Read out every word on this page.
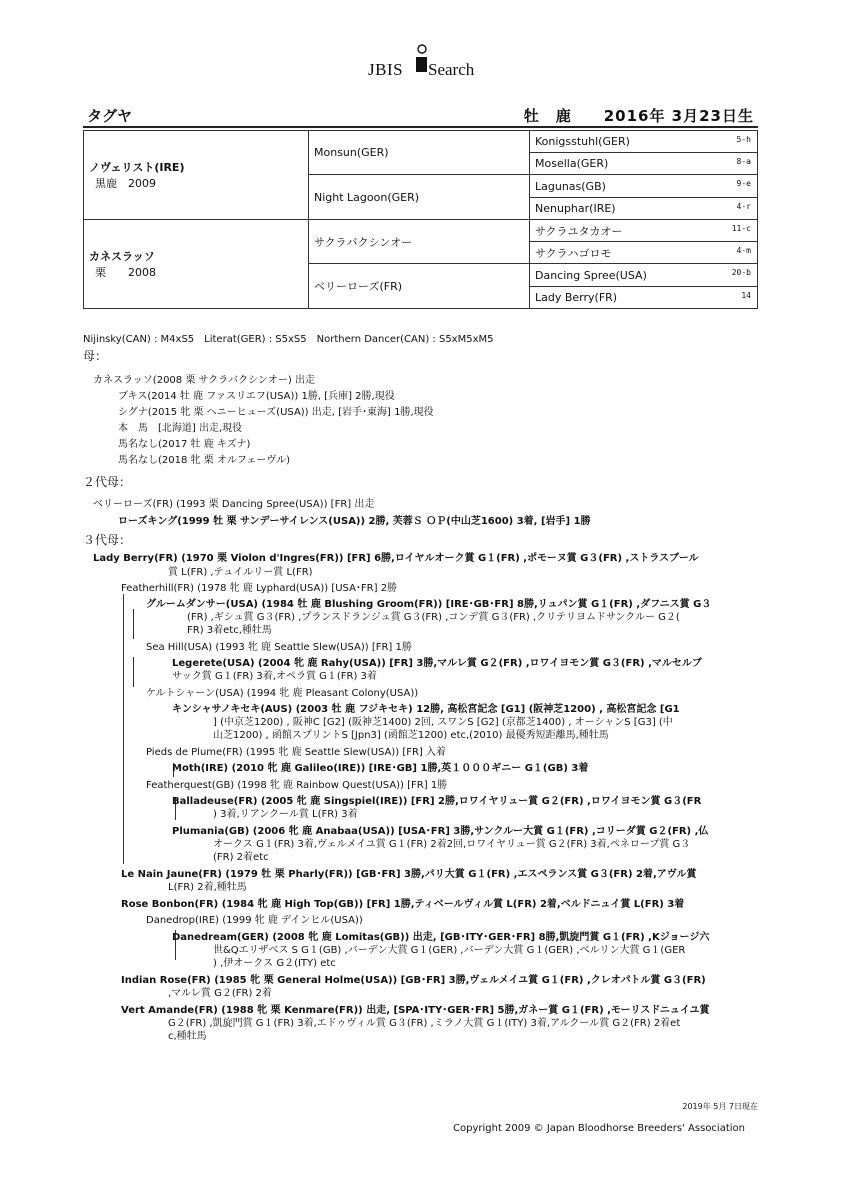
JBIS Search
タグヤ	牡　鹿　　2016年 3月23日生
ノヴェリスト(IRE)
黒鹿　2009	Monsun(GER)	Konigsstuhl(GER) 5-h

		Mosella(GER) 8-a

	Night Lagoon(GER)	Lagunas(GB) 9-e

		Nenuphar(IRE) 4-r

カネスラッソ
栗　　2008	サクラバクシンオー	サクラユタカオー 11-c

		サクラハゴロモ 4-m

	ベリーローズ(FR)	Dancing Spree(USA) 20-b

		Lady Berry(FR) 14
Nijinsky(CAN) : M4xS5　Literat(GER) : S5xS5　Northern Dancer(CAN) : S5xM5xM5
母：
カネスラッソ(2008 栗 サクラバクシンオー) 出走
ブキス(2014 牡 鹿 ファスリエフ(USA)) 1勝, [兵庫] 2勝,現役
シグナ(2015 牝 栗 ヘニーヒューズ(USA)) 出走, [岩手･東海] 1勝,現役
本　馬　[北海道] 出走,現役
馬名なし(2017 牡 鹿 キズナ)
馬名なし(2018 牝 栗 オルフェーヴル)
２代母：
ベリーローズ(FR) (1993 栗 Dancing Spree(USA)) [FR] 出走
ローズキング(1999 牡 栗 サンデーサイレンス(USA)) 2勝, 芙蓉Ｓ ＯＰ(中山芝1600) 3着, [岩手] 1勝
３代母：
Lady Berry(FR) (1970 栗 Violon d'Ingres(FR)) [FR] 6勝,ロイヤルオーク賞 G１(FR) ,ポモーヌ賞 G３(FR) ,ストラスブール
賞 L(FR) ,テュイルリー賞 L(FR)
Featherhill(FR) (1978 牝 鹿 Lyphard(USA)) [USA･FR] 2勝
グルームダンサー(USA) (1984 牡 鹿 Blushing Groom(FR)) [IRE･GB･FR] 8勝,リュパン賞 G１(FR) ,ダフニス賞 G３
(FR) ,ギシュ賞 G３(FR) ,プランスドランジュ賞 G３(FR) ,コンデ賞 G３(FR) ,クリテリヨムドサンクルー G２(
FR) 3着etc,種牡馬
Sea Hill(USA) (1993 牝 鹿 Seattle Slew(USA)) [FR] 1勝
Legerete(USA) (2004 牝 鹿 Rahy(USA)) [FR] 3勝,マルレ賞 G２(FR) ,ロワイヨモン賞 G３(FR) ,マルセルブ
サック賞 G１(FR) 3着,オペラ賞 G１(FR) 3着
ケルトシャーン(USA) (1994 牝 鹿 Pleasant Colony(USA))
キンシャサノキセキ(AUS) (2003 牡 鹿 フジキセキ) 12勝, 高松宮記念 [G1] (阪神芝1200) , 高松宮記念 [G1
] (中京芝1200) , 阪神C [G2] (阪神芝1400) 2回, スワンS [G2] (京都芝1400) , オーシャンS [G3] (中
山芝1200) , 函館スプリントS [Jpn3] (函館芝1200) etc,(2010) 最優秀短距離馬,種牡馬
Pieds de Plume(FR) (1995 牝 鹿 Seattle Slew(USA)) [FR] 入着
Moth(IRE) (2010 牝 鹿 Galileo(IRE)) [IRE･GB] 1勝,英１０００ギニー G１(GB) 3着
Featherquest(GB) (1998 牝 鹿 Rainbow Quest(USA)) [FR] 1勝
Balladeuse(FR) (2005 牝 鹿 Singspiel(IRE)) [FR] 2勝,ロワイヤリュー賞 G２(FR) ,ロワイヨモン賞 G３(FR
) 3着,リアンクール賞 L(FR) 3着
Plumania(GB) (2006 牝 鹿 Anabaa(USA)) [USA･FR] 3勝,サンクルー大賞 G１(FR) ,コリーダ賞 G２(FR) ,仏
オークス G１(FR) 3着,ヴェルメイユ賞 G１(FR) 2着2回,ロワイヤリュー賞 G２(FR) 3着,ペネロープ賞 G３
(FR) 2着etc
Le Nain Jaune(FR) (1979 牡 栗 Pharly(FR)) [GB･FR] 3勝,パリ大賞 G１(FR) ,エスペランス賞 G３(FR) 2着,アヴル賞
L(FR) 2着,種牡馬
Rose Bonbon(FR) (1984 牝 鹿 High Top(GB)) [FR] 1勝,ティベールヴィル賞 L(FR) 2着,ベルドニュイ賞 L(FR) 3着
Danedrop(IRE) (1999 牝 鹿 デインヒル(USA))
Danedream(GER) (2008 牝 鹿 Lomitas(GB)) 出走, [GB･ITY･GER･FR] 8勝,凱旋門賞 G１(FR) ,Kジョージ六
世&Qエリザベス S G１(GB) ,バーデン大賞 G１(GER) ,バーデン大賞 G１(GER) ,ベルリン大賞 G１(GER
) ,伊オークス G２(ITY) etc
Indian Rose(FR) (1985 牝 栗 General Holme(USA)) [GB･FR] 3勝,ヴェルメイユ賞 G１(FR) ,クレオパトル賞 G３(FR)
,マルレ賞 G２(FR) 2着
Vert Amande(FR) (1988 牝 栗 Kenmare(FR)) 出走, [SPA･ITY･GER･FR] 5勝,ガネー賞 G１(FR) ,モーリスドニュイユ賞
G２(FR) ,凱旋門賞 G１(FR) 3着,エドゥヴィル賞 G３(FR) ,ミラノ大賞 G１(ITY) 3着,アルクール賞 G２(FR) 2着et
c,種牡馬
2019年 5月 7日現在
Copyright 2009 © Japan Bloodhorse Breeders' Association
